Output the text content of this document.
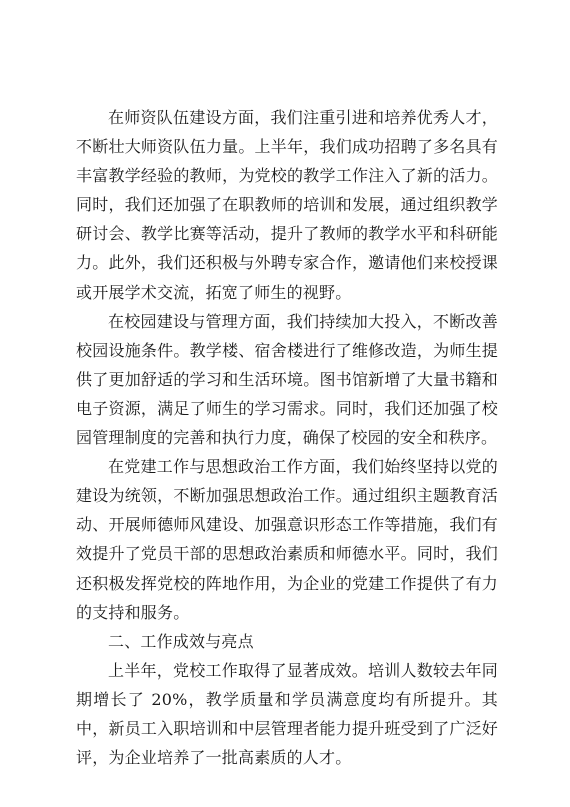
在师资队伍建设方面，我们注重引进和培养优秀人才，不断壮大师资队伍力量。上半年，我们成功招聘了多名具有丰富教学经验的教师，为党校的教学工作注入了新的活力。同时，我们还加强了在职教师的培训和发展，通过组织教学研讨会、教学比赛等活动，提升了教师的教学水平和科研能力。此外，我们还积极与外聘专家合作，邀请他们来校授课或开展学术交流，拓宽了师生的视野。

在校园建设与管理方面，我们持续加大投入，不断改善校园设施条件。教学楼、宿舍楼进行了维修改造，为师生提供了更加舒适的学习和生活环境。图书馆新增了大量书籍和电子资源，满足了师生的学习需求。同时，我们还加强了校园管理制度的完善和执行力度，确保了校园的安全和秩序。

在党建工作与思想政治工作方面，我们始终坚持以党的建设为统领，不断加强思想政治工作。通过组织主题教育活动、开展师德师风建设、加强意识形态工作等措施，我们有效提升了党员干部的思想政治素质和师德水平。同时，我们还积极发挥党校的阵地作用，为企业的党建工作提供了有力的支持和服务。

二、工作成效与亮点

上半年，党校工作取得了显著成效。培训人数较去年同期增长了 20%，教学质量和学员满意度均有所提升。其中，新员工入职培训和中层管理者能力提升班受到了广泛好评，为企业培养了一批高素质的人才。
